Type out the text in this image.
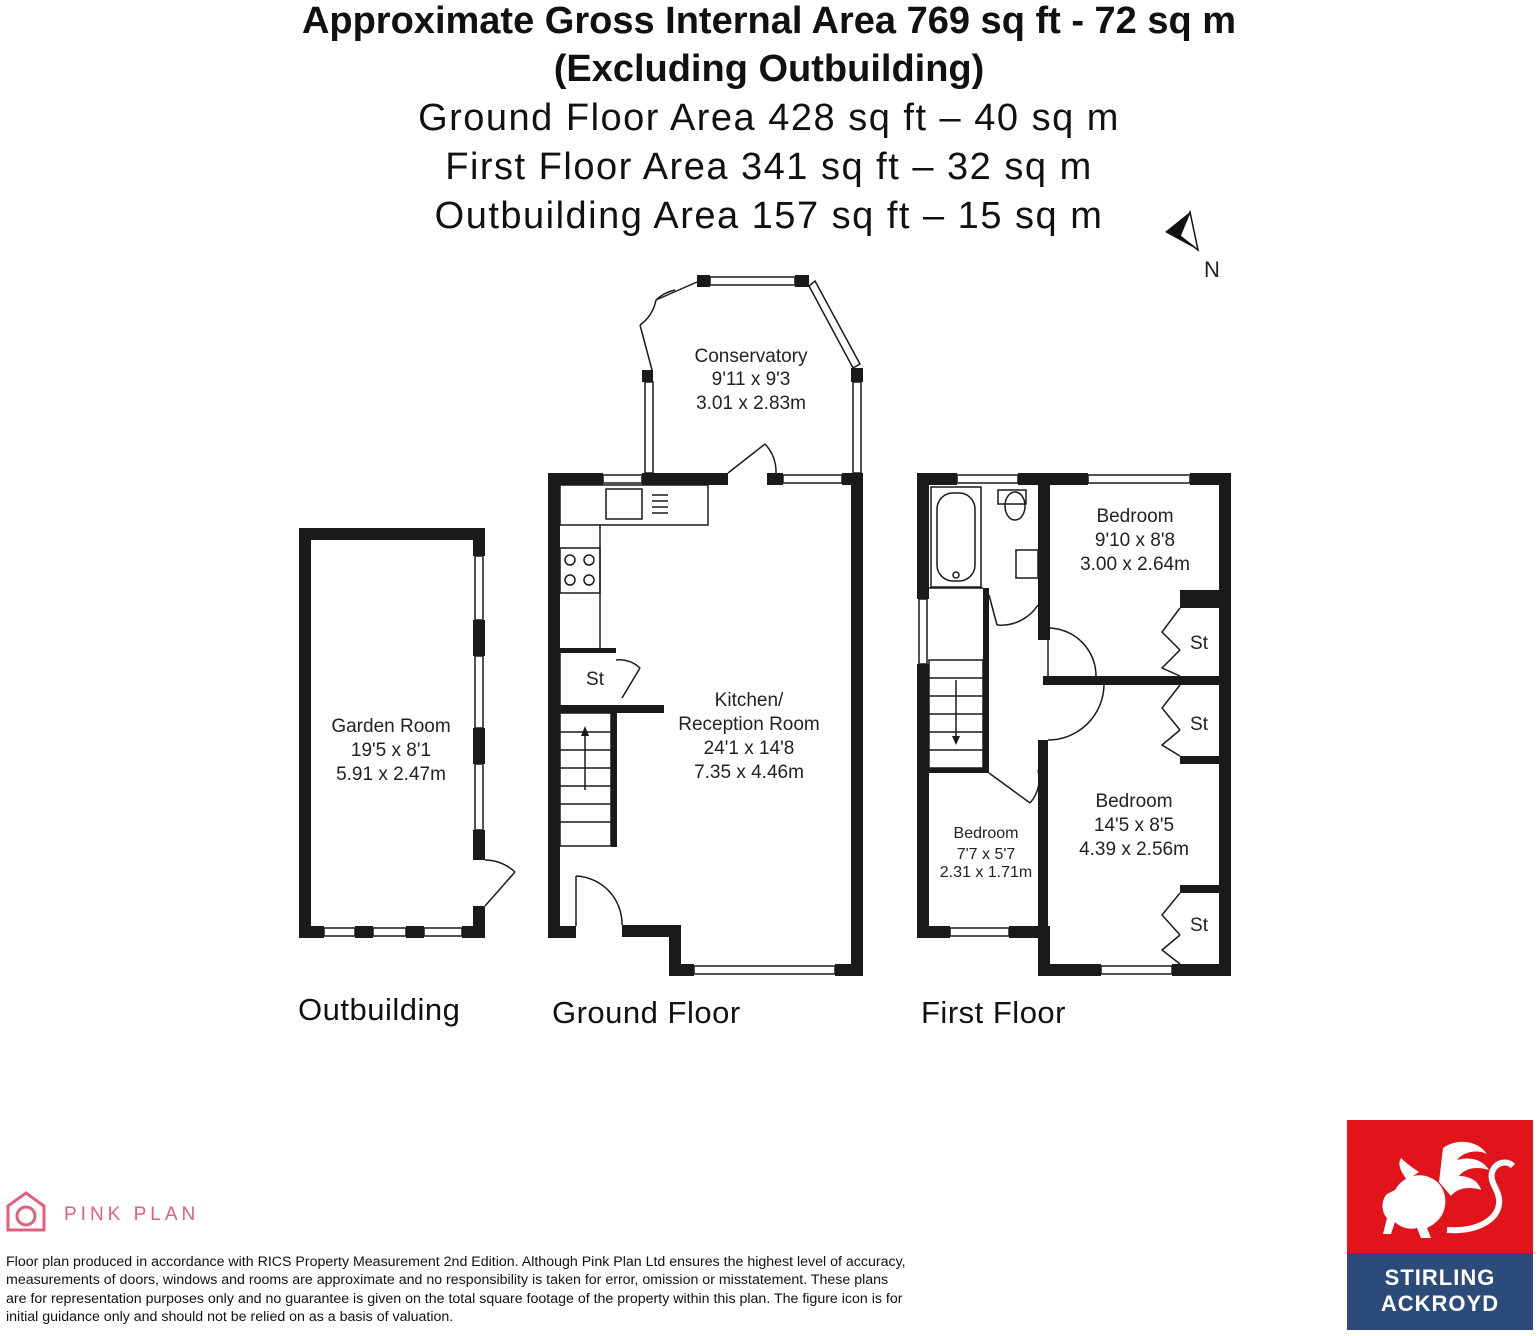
Approximate Gross Internal Area 769 sq ft - 72 sq m
(Excluding Outbuilding)
Ground Floor Area 428 sq ft – 40 sq m
First Floor Area 341 sq ft – 32 sq m
Outbuilding Area 157 sq ft – 15 sq m
N
Conservatory
9'11 x 9'3
3.01 x 2.83m
Kitchen/
Reception Room
24'1 x 14'8
7.35 x 4.46m
St
Garden Room
19'5 x 8'1
5.91 x 2.47m
Bedroom
9'10 x 8'8
3.00 x 2.64m
Bedroom
14'5 x 8'5
4.39 x 2.56m
St
St
St
Bedroom
7'7 x 5'7
2.31 x 1.71m
Outbuilding	Ground Floor	First Floor
PINK PLAN
Floor plan produced in accordance with RICS Property Measurement 2nd Edition. Although Pink Plan Ltd ensures the highest level of accuracy, measurements of doors, windows and rooms are approximate and no responsibility is taken for error, omission or misstatement. These plans are for representation purposes only and no guarantee is given on the total square footage of the property within this plan. The figure icon is for initial guidance only and should not be relied on as a basis of valuation.
STIRLING
ACKROYD
